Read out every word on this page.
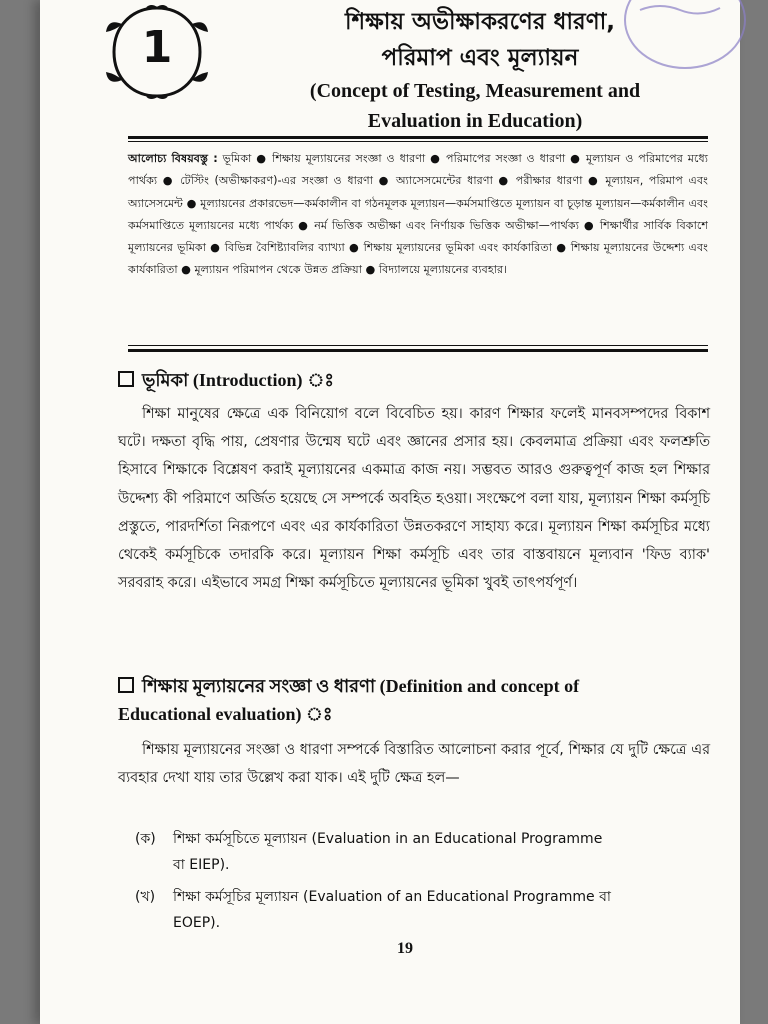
1	শিক্ষায় অভীক্ষাকরণের ধারণা,
পরিমাপ এবং মূল্যায়ন
(Concept of Testing, Measurement and
Evaluation in Education)
আলোচ্য বিষয়বস্তু : ভূমিকা ● শিক্ষায় মূল্যায়নের সংজ্ঞা ও ধারণা ● পরিমাপের সংজ্ঞা ও ধারণা ● মূল্যায়ন ও পরিমাপের মধ্যে পার্থক্য ● টেস্টিং (অভীক্ষাকরণ)-এর সংজ্ঞা ও ধারণা ● অ্যাসেসমেন্টের ধারণা ● পরীক্ষার ধারণা ● মূল্যায়ন, পরিমাপ এবং অ্যাসেসমেন্ট ● মূল্যায়নের প্রকারভেদ—কর্মকালীন বা গঠনমূলক মূল্যায়ন—কর্মসমাপ্তিতে মূল্যায়ন বা চূড়ান্ত মূল্যায়ন—কর্মকালীন এবং কর্মসমাপ্তিতে মূল্যায়নের মধ্যে পার্থক্য ● নর্ম ভিত্তিক অভীক্ষা এবং নির্ণায়ক ভিত্তিক অভীক্ষা—পার্থক্য ● শিক্ষার্থীর সার্বিক বিকাশে মূল্যায়নের ভূমিকা ● বিভিন্ন বৈশিষ্ট্যাবলির ব্যাখ্যা ● শিক্ষায় মূল্যায়নের ভূমিকা এবং কার্যকারিতা ● শিক্ষায় মূল্যায়নের উদ্দেশ্য এবং কার্যকারিতা ● মূল্যায়ন পরিমাপন থেকে উন্নত প্রক্রিয়া ● বিদ্যালয়ে মূল্যায়নের ব্যবহার।
ভূমিকা (Introduction) ঃ
শিক্ষা মানুষের ক্ষেত্রে এক বিনিয়োগ বলে বিবেচিত হয়। কারণ শিক্ষার ফলেই মানবসম্পদের বিকাশ ঘটে। দক্ষতা বৃদ্ধি পায়, প্রেষণার উন্মেষ ঘটে এবং জ্ঞানের প্রসার হয়। কেবলমাত্র প্রক্রিয়া এবং ফলশ্রুতি হিসাবে শিক্ষাকে বিশ্লেষণ করাই মূল্যায়নের একমাত্র কাজ নয়। সম্ভবত আরও গুরুত্বপূর্ণ কাজ হল শিক্ষার উদ্দেশ্য কী পরিমাণে অর্জিত হয়েছে সে সম্পর্কে অবহিত হওয়া। সংক্ষেপে বলা যায়, মূল্যায়ন শিক্ষা কর্মসূচি প্রস্তুতে, পারদর্শিতা নিরূপণে এবং এর কার্যকারিতা উন্নতকরণে সাহায্য করে। মূল্যায়ন শিক্ষা কর্মসূচির মধ্যে থেকেই কর্মসূচিকে তদারকি করে। মূল্যায়ন শিক্ষা কর্মসূচি এবং তার বাস্তবায়নে মূল্যবান 'ফিড ব্যাক' সরবরাহ করে। এইভাবে সমগ্র শিক্ষা কর্মসূচিতে মূল্যায়নের ভূমিকা খুবই তাৎপর্যপূর্ণ।
শিক্ষায় মূল্যায়নের সংজ্ঞা ও ধারণা (Definition and concept of
Educational evaluation) ঃ
শিক্ষায় মূল্যায়নের সংজ্ঞা ও ধারণা সম্পর্কে বিস্তারিত আলোচনা করার পূর্বে, শিক্ষার যে দুটি ক্ষেত্রে এর ব্যবহার দেখা যায় তার উল্লেখ করা যাক। এই দুটি ক্ষেত্র হল—
(ক) শিক্ষা কর্মসূচিতে মূল্যায়ন (Evaluation in an Educational Programme
বা EIEP).
(খ) শিক্ষা কর্মসূচির মূল্যায়ন (Evaluation of an Educational Programme বা
EOEP).
19
